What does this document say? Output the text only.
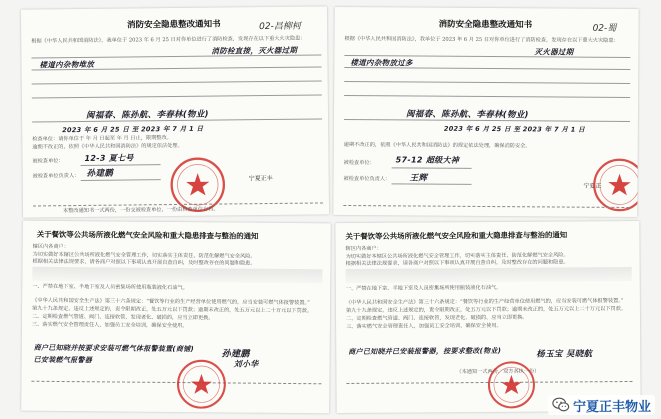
消防安全隐患整改通知书	02-昌柳柯
根据《中华人民共和国消防法》，我单位于 2023 年 6 月 25 日对你单位进行了消防检查，发现存在以下重大火灾隐患：
消防栓直接，灭火器过期
楼道内杂物堆放
闽福春、陈孙航、李春林(物业)
2023 年 6 月 25 日 至 2023 年 7 月 1 日
检查单位：请你单位于 年 月 日起至 年 月 日止，限期整改。
逾期不改正的，依照《中华人民共和国消防法》的规定依法处理。
被检查单位：	12-3 夏七号
被检查单位负责人： 孙建鹏	宁夏正丰
本整改通知书一式两份，一份交被检查单位，一份由检查单位存档。
消防安全隐患整改通知书	02-蜀
根据《中华人民共和国消防法》，我单位于 2023 年 6 月 25 日对你单位进行了消防检查，发现存在以下重大火灾隐患：
灭火器过期
楼道内杂物放过多
闽福春、陈孙航、李春林(物业)
2023 年 6 月 25 日 至 2023 年 7 月 1 日
逾期不改正的，依照《中华人民共和国消防法》的规定依法处理，确保消防安全。
被检查单位：	57-12 超级大神
被检查单位负责人：	王辉
宁夏正
关于餐饮等公共场所液化燃气安全风险和重大隐患排查与整治的通知
辖区内各商户：
为切实做好本辖区公共场所液化燃气安全管理工作，切实落实主体责任，防范化解燃气安全风险。
根据相关法律法规要求，请各商户对照以下事项认真开展自查自纠，及时整改存在的问题和隐患。
一、严禁在地下室、半地下室及人员密集场所使用瓶装液化石油气。
《中华人民共和国安全生产法》第三十六条规定：“餐饮等行业的生产经营单位使用燃气的，应当安装可燃气体报警装置。”
第九十九条规定，违反上述规定的，责令限期改正，处五万元以下罚款；逾期未改正的，处五万元以上二十万元以下罚款。
二、定期检查燃气管道、阀门、连接软管，发现老化、破损的，应当立即更换。
三、落实燃气安全管理责任人，加强员工安全培训，确保安全使用。
商户已知晓并按要求安装可燃气体报警装置(商铺)
已安装燃气报警器
孙建鹏
刘小华
关于餐饮等公共场所液化燃气安全风险和重大隐患排查与整治的通知
辖区内各商户：
为切实做好本辖区公共场所液化燃气安全管理工作，切实落实主体责任，防范化解燃气安全风险。
根据相关法律法规要求，请各商户对照以下事项认真开展自查自纠，及时整改存在的问题和隐患。
一、严禁在地下室、半地下室及人员密集场所使用瓶装液化石油气。
《中华人民共和国安全生产法》第三十六条规定：“餐饮等行业的生产经营单位使用燃气的，应当安装可燃气体报警装置。”
第九十九条规定，违反上述规定的，责令限期改正，处五万元以下罚款；逾期未改正的，处五万元以上二十万元以下罚款。
二、定期检查燃气管道、阀门、连接软管，发现老化、破损的，应当立即更换。
三、落实燃气安全管理责任人，加强员工安全培训，确保安全使用。
商户已知晓并已安装报警器，按要求整改(物业)	杨玉宝 吴晓航
（本通知一式两份，双方各执一份）
宁夏正丰物业
